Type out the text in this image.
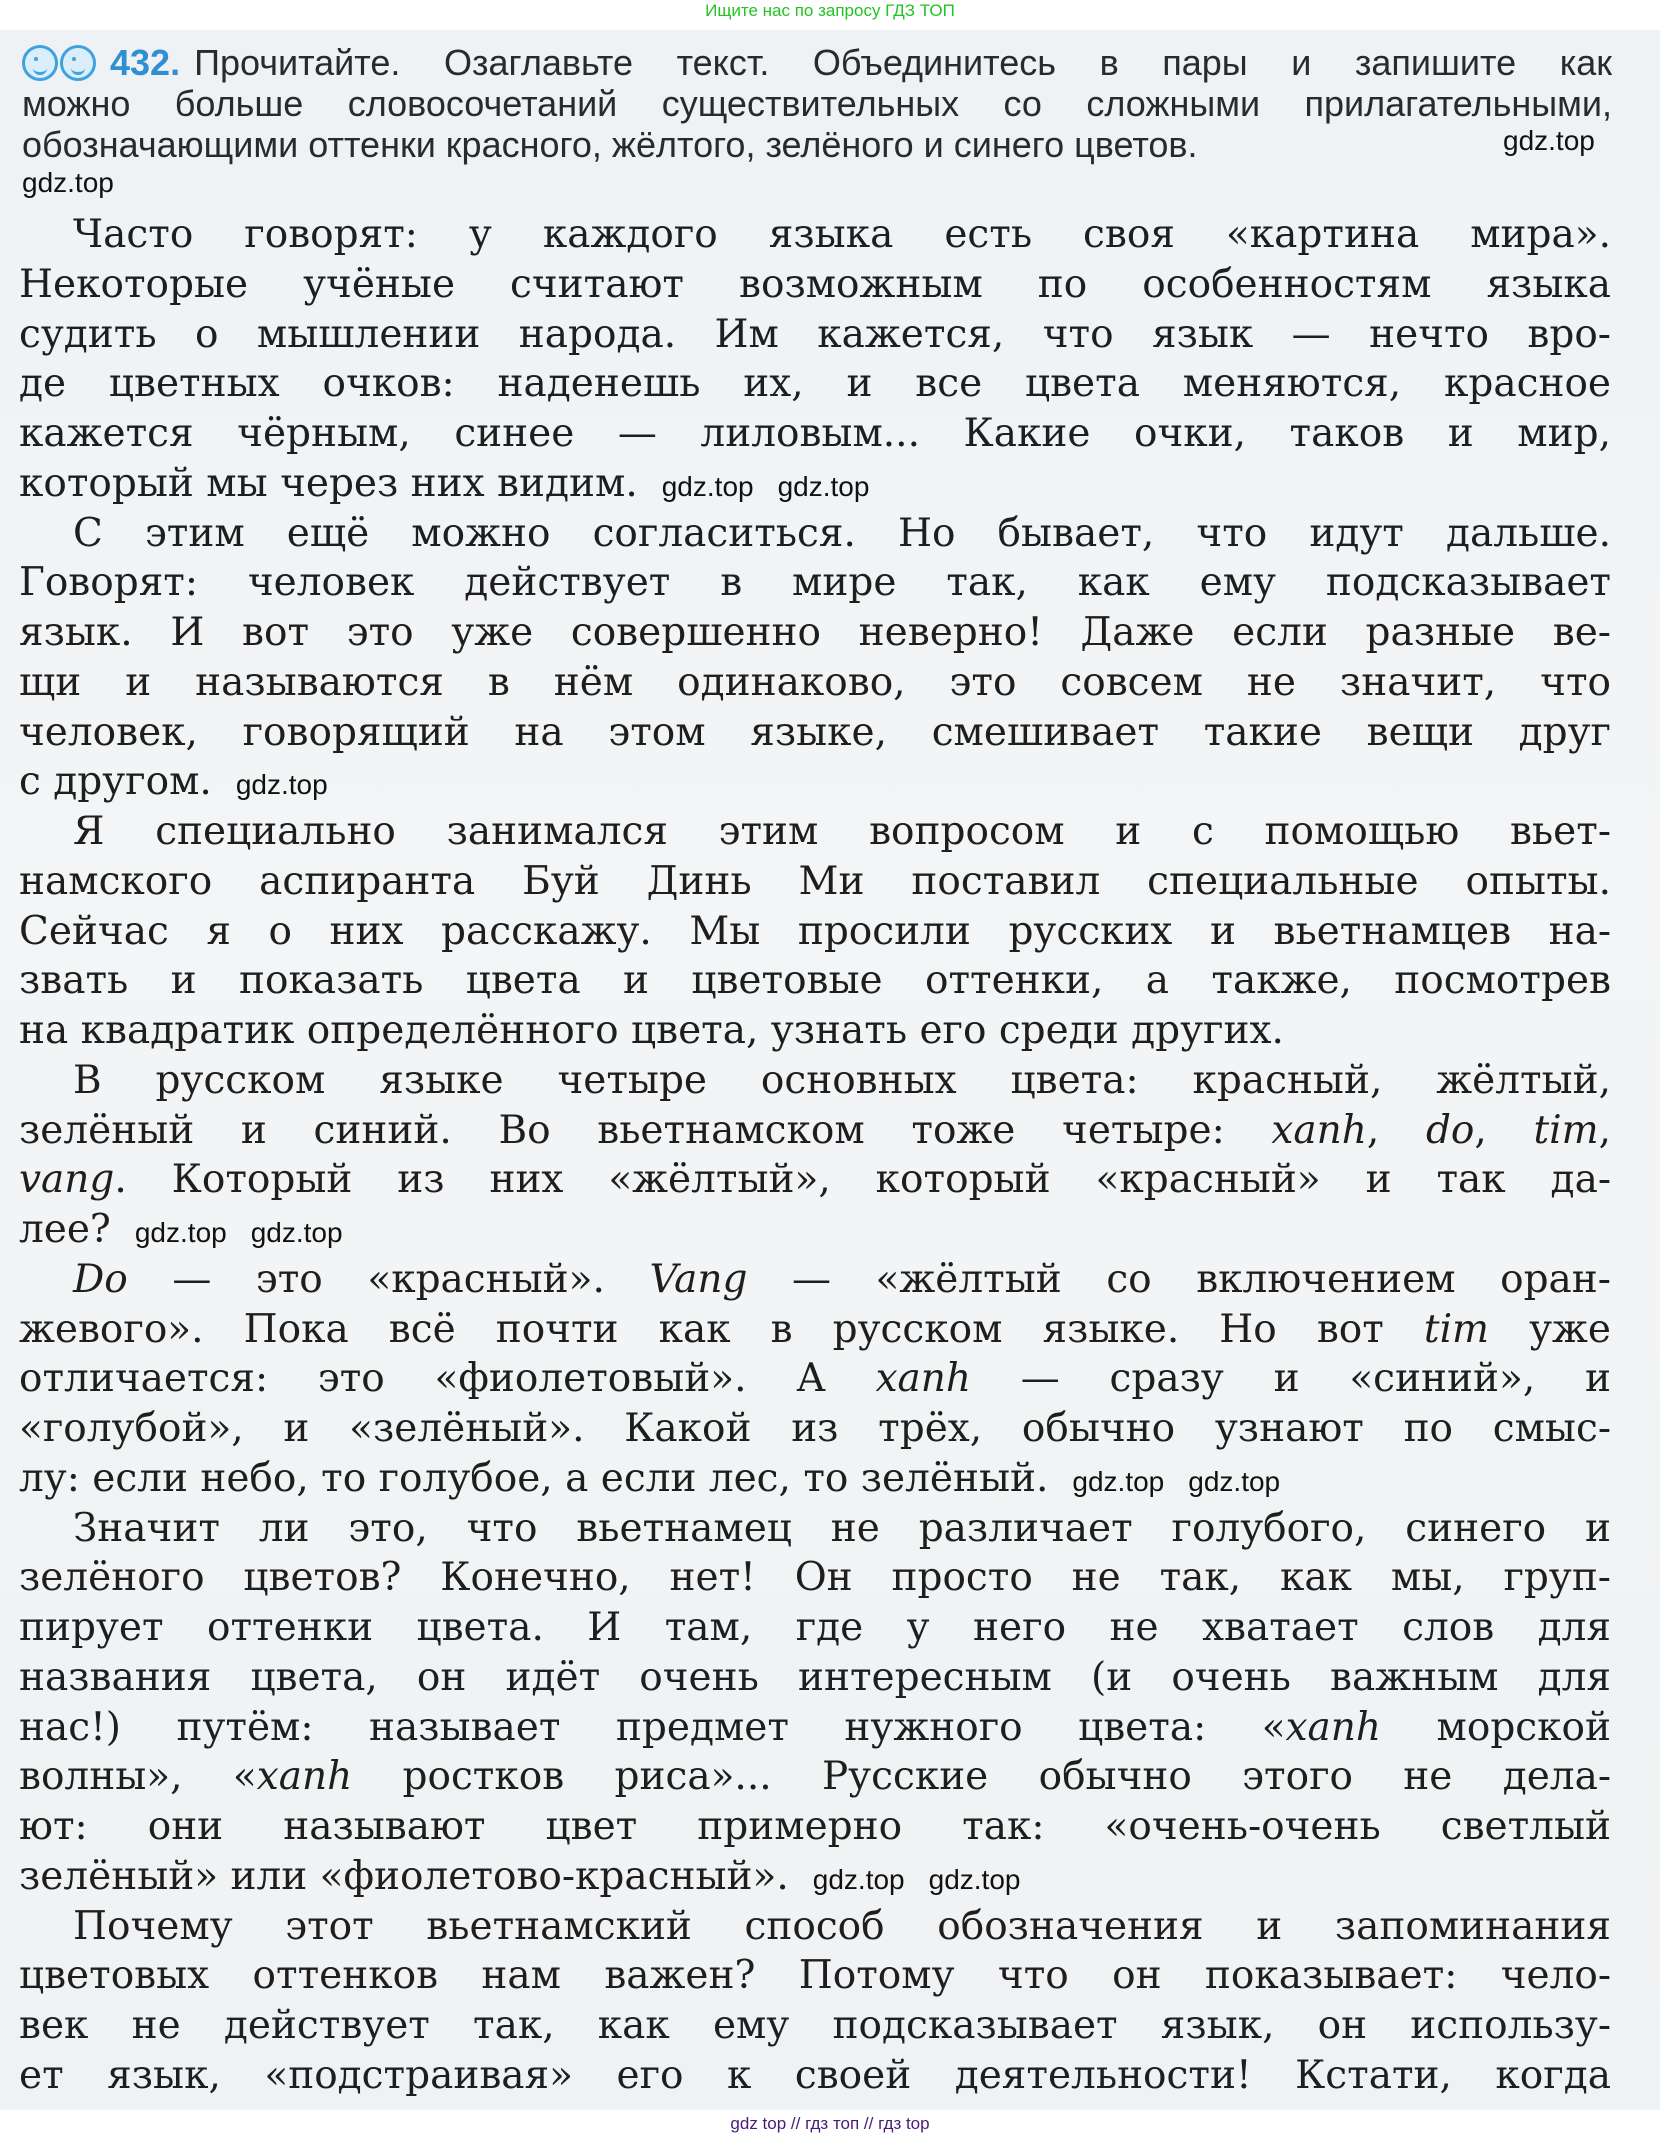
Ищите нас по запросу ГДЗ ТОП
432. Прочитайте. Озаглавьте текст. Объединитесь в пары и запишите как
можно больше словосочетаний существительных со сложными прилагательными,
обозначающими оттенки красного, жёлтого, зелёного и синего цветов.
Часто говорят: у каждого языка есть своя «картина мира».
Некоторые учёные считают возможным по особенностям языка
судить о мышлении народа. Им кажется, что язык — нечто вро-
де цветных очков: наденешь их, и все цвета меняются, красное
кажется чёрным, синее — лиловым... Какие очки, таков и мир,
который мы через них видим. gdz.top gdz.top
С этим ещё можно согласиться. Но бывает, что идут дальше.
Говорят: человек действует в мире так, как ему подсказывает
язык. И вот это уже совершенно неверно! Даже если разные ве-
щи и называются в нём одинаково, это совсем не значит, что
человек, говорящий на этом языке, смешивает такие вещи друг
с другом. gdz.top
Я специально занимался этим вопросом и с помощью вьет-
намского аспиранта Буй Динь Ми поставил специальные опыты.
Сейчас я о них расскажу. Мы просили русских и вьетнамцев на-
звать и показать цвета и цветовые оттенки, а также, посмотрев
на квадратик определённого цвета, узнать его среди других.
В русском языке четыре основных цвета: красный, жёлтый,
зелёный и синий. Во вьетнамском тоже четыре: xanh, do, tim,
vang. Который из них «жёлтый», который «красный» и так да-
лее? gdz.top gdz.top
Do — это «красный». Vang — «жёлтый со включением оран-
жевого». Пока всё почти как в русском языке. Но вот tim уже
отличается: это «фиолетовый». А xanh — сразу и «синий», и
«голубой», и «зелёный». Какой из трёх, обычно узнают по смыс-
лу: если небо, то голубое, а если лес, то зелёный. gdz.top gdz.top
Значит ли это, что вьетнамец не различает голубого, синего и
зелёного цветов? Конечно, нет! Он просто не так, как мы, груп-
пирует оттенки цвета. И там, где у него не хватает слов для
названия цвета, он идёт очень интересным (и очень важным для
нас!) путём: называет предмет нужного цвета: «xanh морской
волны», «xanh ростков риса»... Русские обычно этого не дела-
ют: они называют цвет примерно так: «очень-очень светлый
зелёный» или «фиолетово-красный». gdz.top gdz.top
Почему этот вьетнамский способ обозначения и запоминания
цветовых оттенков нам важен? Потому что он показывает: чело-
век не действует так, как ему подсказывает язык, он использу-
ет язык, «подстраивая» его к своей деятельности! Кстати, когда
gdz.top
gdz.top
gdz top // гдз топ // гдз top
